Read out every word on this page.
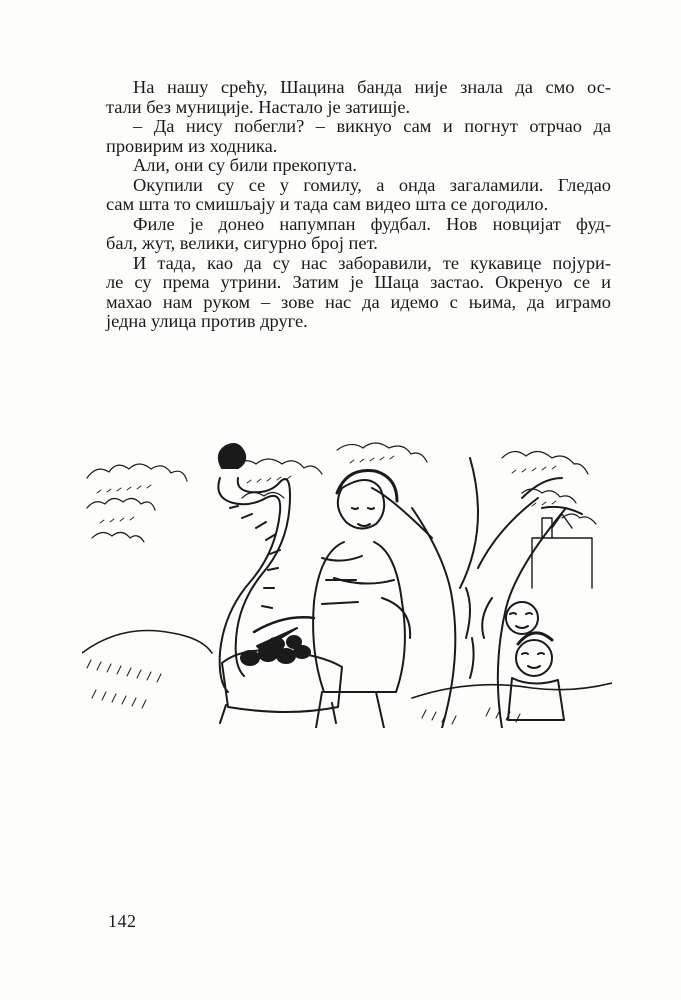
На нашу срећу, Шацина банда није знала да смо ос-
тали без муниције. Настало је затишје.

– Да нису побегли? – викнуо сам и погнут отрчао да
провирим из ходника.

Али, они су били прекопута.

Окупили су се у гомилу, а онда загаламили. Гледао
сам шта то смишљају и тада сам видео шта се догодило.

Филе је донео напумпан фудбал. Нов новцијат фуд-
бал, жут, велики, сигурно број пет.

И тада, као да су нас заборавили, те кукавице појури-
ле су према утрини. Затим је Шаца застао. Окренуо се и
махао нам руком – зове нас да идемо с њима, да играмо
једна улица против друге.

142
